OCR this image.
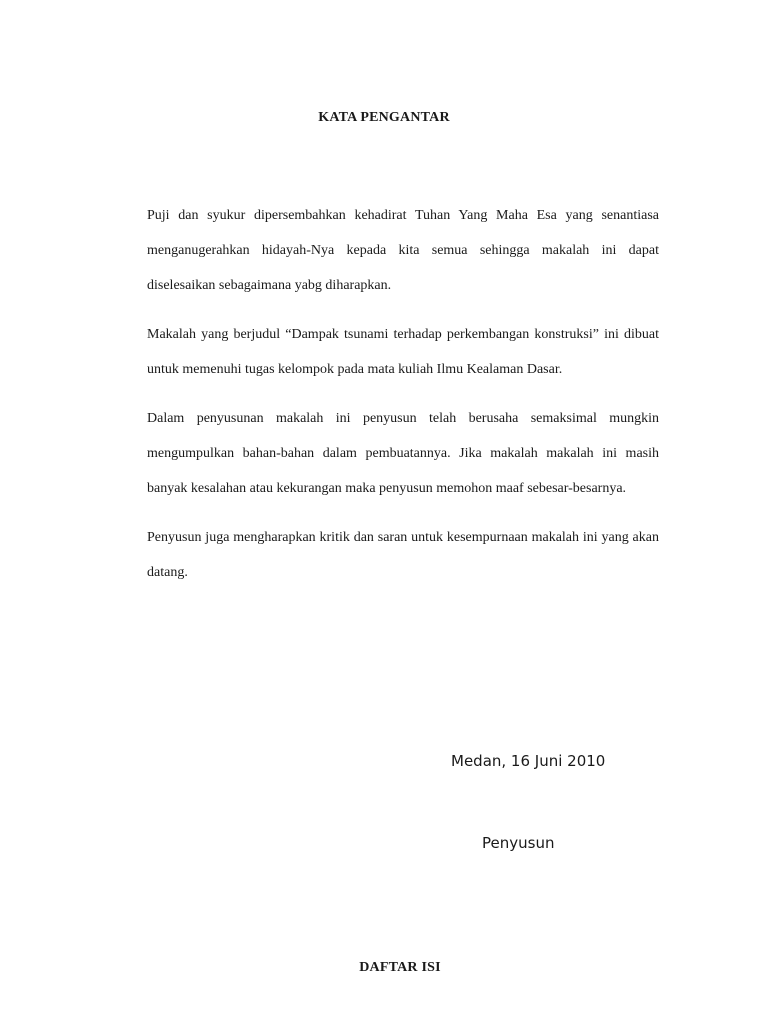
KATA PENGANTAR

Puji dan syukur dipersembahkan kehadirat Tuhan Yang Maha Esa yang senantiasa menganugerahkan hidayah-Nya kepada kita semua sehingga makalah ini dapat diselesaikan sebagaimana yabg diharapkan.

Makalah yang berjudul “Dampak tsunami terhadap perkembangan konstruksi” ini dibuat untuk memenuhi tugas kelompok pada mata kuliah Ilmu Kealaman Dasar.

Dalam penyusunan makalah ini penyusun telah berusaha semaksimal mungkin mengumpulkan bahan-bahan dalam pembuatannya. Jika makalah makalah ini masih banyak kesalahan atau kekurangan maka penyusun memohon maaf sebesar-besarnya.

Penyusun juga mengharapkan kritik dan saran untuk kesempurnaan makalah ini yang akan datang.

Medan, 16 Juni 2010
Penyusun
DAFTAR ISI
